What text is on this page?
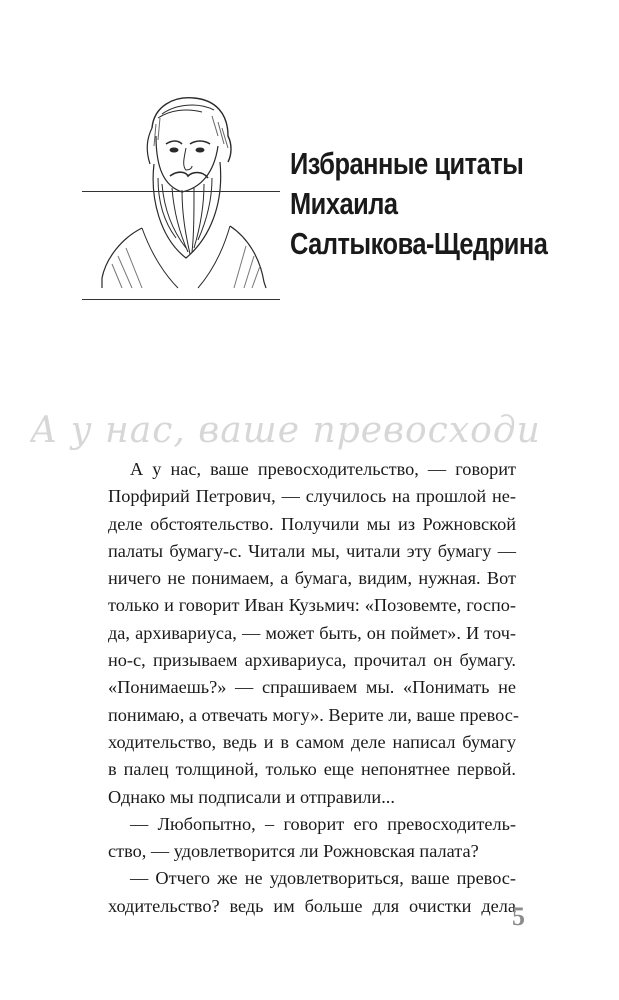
Избранные цитаты
Михаила
Салтыкова-Щедрина
А у нас, ваше превосходи
А у нас, ваше превосходительство, — говорит
Порфирий Петрович, — случилось на прошлой не-
деле обстоятельство. Получили мы из Рожновской
палаты бумагу-с. Читали мы, читали эту бумагу —
ничего не понимаем, а бумага, видим, нужная. Вот
только и говорит Иван Кузьмич: «Позовемте, госпо-
да, архивариуса, — может быть, он поймет». И точ-
но-с, призываем архивариуса, прочитал он бумагу.
«Понимаешь?» — спрашиваем мы. «Понимать не
понимаю, а отвечать могу». Верите ли, ваше превос-
ходительство, ведь и в самом деле написал бумагу
в палец толщиной, только еще непонятнее первой.
Однако мы подписали и отправили...
— Любопытно, – говорит его превосходитель-
ство, — удовлетворится ли Рожновская палата?
— Отчего же не удовлетвориться, ваше превос-
ходительство? ведь им больше для очистки дела
5
